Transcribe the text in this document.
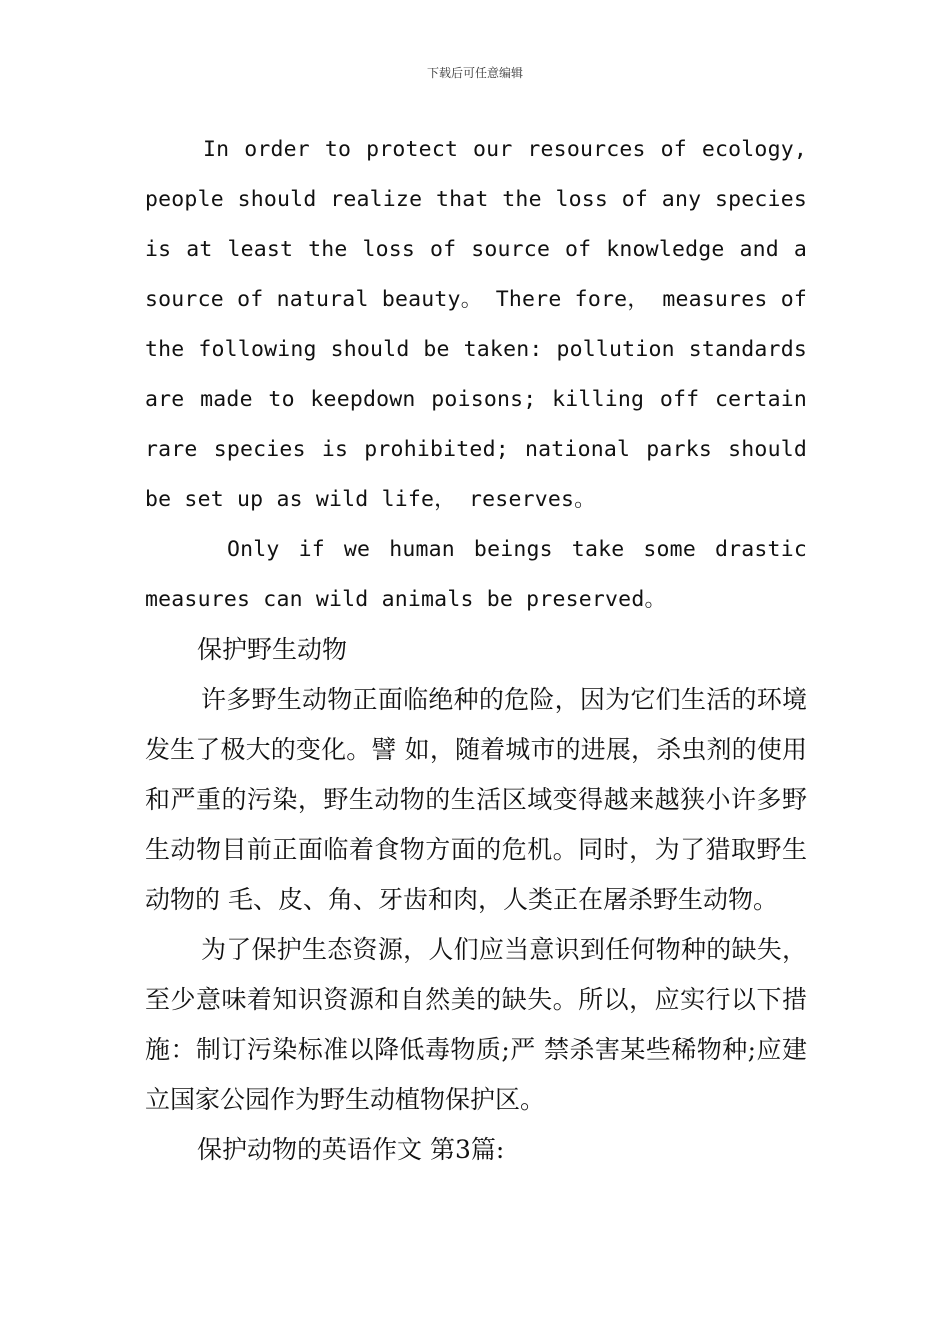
下载后可任意编辑

In order to protect our resources of ecology, people should realize that the loss of any species is at least the loss of source of knowledge and a source of natural beauty。 There fore， measures of the following should be taken: pollution standards are made to keepdown poisons; killing off certain rare species is prohibited; national parks should be set up as wild life， reserves。

Only if we human beings take some drastic measures can wild animals be preserved。

保护野生动物

许多野生动物正面临绝种的危险，因为它们生活的环境发生了极大的变化。譬 如，随着城市的进展，杀虫剂的使用和严重的污染，野生动物的生活区域变得越来越狭小许多野生动物目前正面临着食物方面的危机。同时，为了猎取野生动物的 毛、皮、角、牙齿和肉，人类正在屠杀野生动物。

为了保护生态资源，人们应当意识到任何物种的缺失，至少意味着知识资源和自然美的缺失。所以，应实行以下措施：制订污染标准以降低毒物质;严 禁杀害某些稀物种;应建立国家公园作为野生动植物保护区。

保护动物的英语作文 第3篇:
